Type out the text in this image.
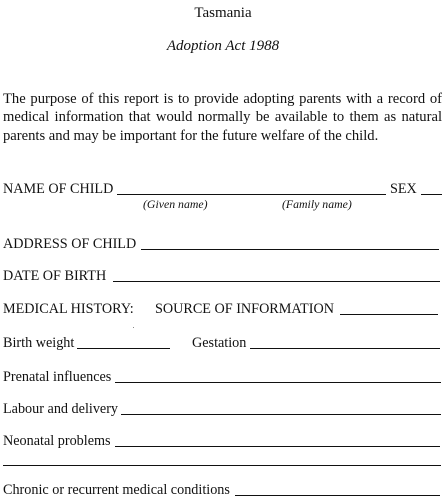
Tasmania
Adoption Act 1988

The purpose of this report is to provide adopting parents with a record of medical information that would normally be available to them as natural parents and may be important for the future welfare of the child.

NAME OF CHILD	SEX
(Given name)	(Family name)
ADDRESS OF CHILD
DATE OF BIRTH
MEDICAL HISTORY: SOURCE OF INFORMATION
Birth weight	Gestation
Prenatal influences
Labour and delivery
Neonatal problems
Chronic or recurrent medical conditions
